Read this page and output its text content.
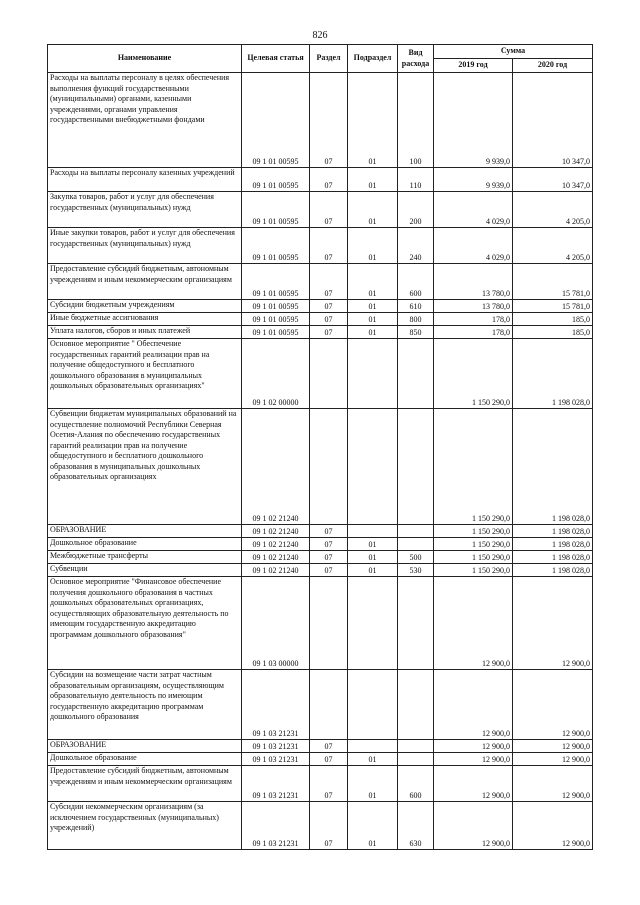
826
Наименование	Целевая статья	Раздел	Подраздел	Вид расхода	Сумма	
					2019 год	2020 год
Расходы на выплаты персоналу в целях обеспечения выполнения функций государственными (муниципальными) органами, казенными учреждениями, органами управления государственными внебюджетными фондами	09 1 01 00595	07	01	100	9 939,0	10 347,0
Расходы на выплаты персоналу казенных учреждений	09 1 01 00595	07	01	110	9 939,0	10 347,0
Закупка товаров, работ и услуг для обеспечения государственных (муниципальных) нужд	09 1 01 00595	07	01	200	4 029,0	4 205,0
Иные закупки товаров, работ и услуг для обеспечения государственных (муниципальных) нужд	09 1 01 00595	07	01	240	4 029,0	4 205,0
Предоставление субсидий бюджетным, автономным учреждениям и иным некоммерческим организациям	09 1 01 00595	07	01	600	13 780,0	15 781,0
Субсидии бюджетным учреждениям	09 1 01 00595	07	01	610	13 780,0	15 781,0
Иные бюджетные ассигнования	09 1 01 00595	07	01	800	178,0	185,0
Уплата налогов, сборов и иных платежей	09 1 01 00595	07	01	850	178,0	185,0
Основное мероприятие " Обеспечение государственных гарантий реализации прав на получение общедоступного и бесплатного дошкольного образования в муниципальных дошкольных образовательных организациях"	09 1 02 00000				1 150 290,0	1 198 028,0
Субвенции бюджетам муниципальных образований на осуществление полномочий Республики Северная Осетия-Алания по обеспечению государственных гарантий реализации прав на получение общедоступного и бесплатного дошкольного образования в муниципальных дошкольных образовательных организациях	09 1 02 21240				1 150 290,0	1 198 028,0
ОБРАЗОВАНИЕ	09 1 02 21240	07			1 150 290,0	1 198 028,0
Дошкольное образование	09 1 02 21240	07	01		1 150 290,0	1 198 028,0
Межбюджетные трансферты	09 1 02 21240	07	01	500	1 150 290,0	1 198 028,0
Субвенции	09 1 02 21240	07	01	530	1 150 290,0	1 198 028,0
Основное мероприятие "Финансовое обеспечение получения дошкольного образования в частных дошкольных образовательных организациях, осуществляющих образовательную деятельность по имеющим государственную аккредитацию программам дошкольного образования"	09 1 03 00000				12 900,0	12 900,0
Субсидии на возмещение части затрат частным образовательным организациям, осуществляющим образовательную деятельность по имеющим государственную аккредитацию программам дошкольного образования	09 1 03 21231				12 900,0	12 900,0
ОБРАЗОВАНИЕ	09 1 03 21231	07			12 900,0	12 900,0
Дошкольное образование	09 1 03 21231	07	01		12 900,0	12 900,0
Предоставление субсидий бюджетным, автономным учреждениям и иным некоммерческим организациям	09 1 03 21231	07	01	600	12 900,0	12 900,0
Субсидии некоммерческим организациям (за исключением государственных (муниципальных) учреждений)	09 1 03 21231	07	01	630	12 900,0	12 900,0
